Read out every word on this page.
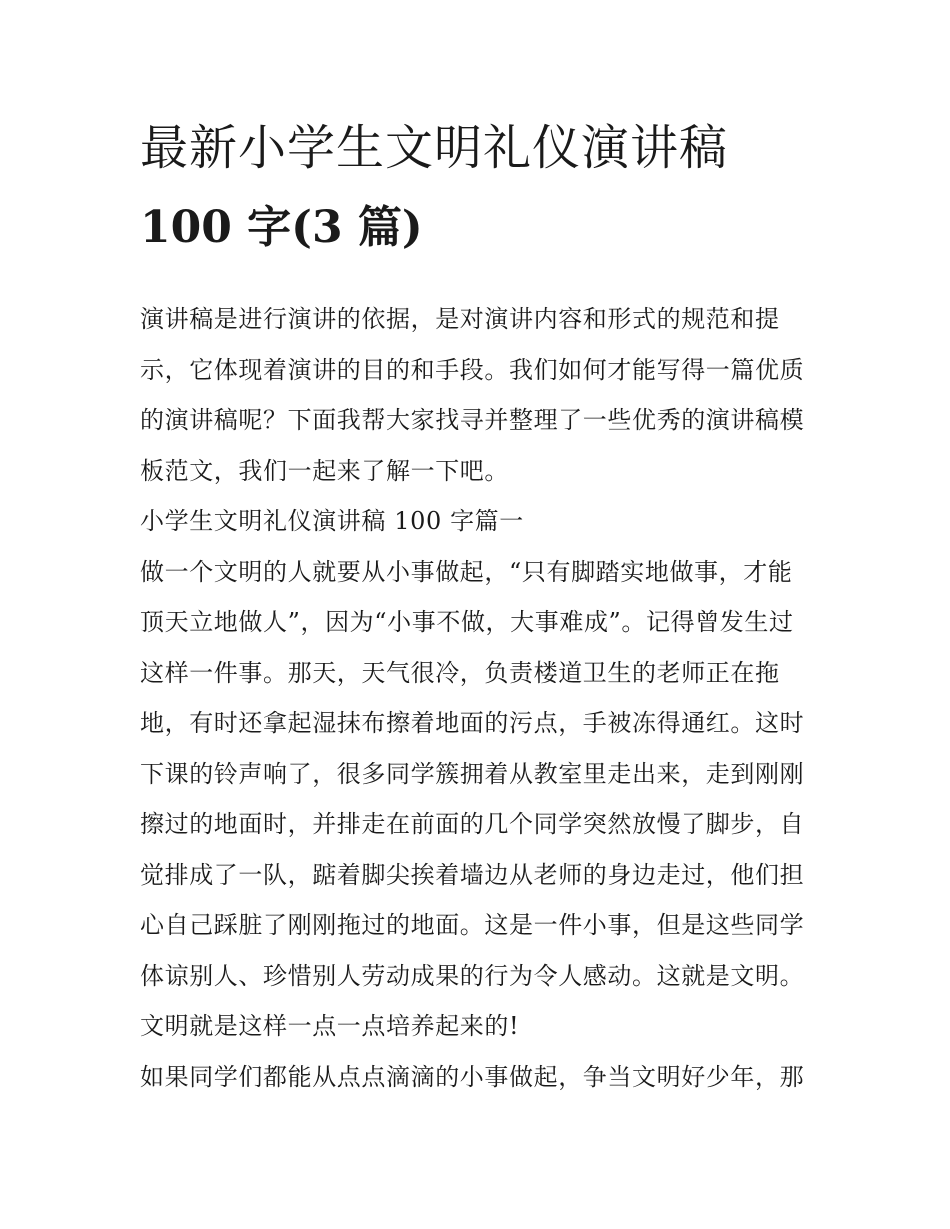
最新小学生文明礼仪演讲稿
100 字(3 篇)

演讲稿是进行演讲的依据，是对演讲内容和形式的规范和提示，它体现着演讲的目的和手段。我们如何才能写得一篇优质的演讲稿呢？下面我帮大家找寻并整理了一些优秀的演讲稿模板范文，我们一起来了解一下吧。

小学生文明礼仪演讲稿 100 字篇一

做一个文明的人就要从小事做起，“只有脚踏实地做事，才能顶天立地做人”，因为“小事不做，大事难成”。记得曾发生过这样一件事。那天，天气很冷，负责楼道卫生的老师正在拖地，有时还拿起湿抹布擦着地面的污点，手被冻得通红。这时下课的铃声响了，很多同学簇拥着从教室里走出来，走到刚刚擦过的地面时，并排走在前面的几个同学突然放慢了脚步，自觉排成了一队，踮着脚尖挨着墙边从老师的身边走过，他们担心自己踩脏了刚刚拖过的地面。这是一件小事，但是这些同学体谅别人、珍惜别人劳动成果的行为令人感动。这就是文明。文明就是这样一点一点培养起来的!

如果同学们都能从点点滴滴的小事做起，争当文明好少年，那
